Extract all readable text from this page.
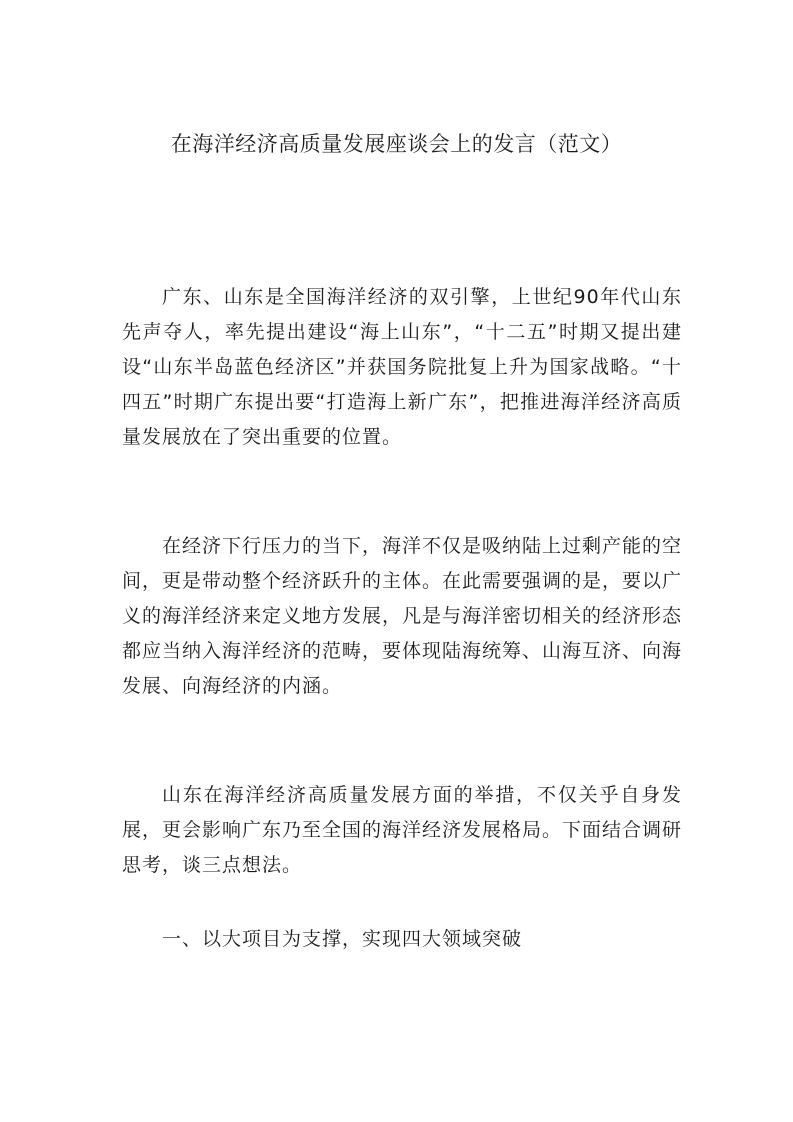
在海洋经济高质量发展座谈会上的发言（范文）

广东、山东是全国海洋经济的双引擎，上世纪90年代山东先声夺人，率先提出建设“海上山东”，“十二五”时期又提出建设“山东半岛蓝色经济区”并获国务院批复上升为国家战略。“十四五”时期广东提出要“打造海上新广东”，把推进海洋经济高质量发展放在了突出重要的位置。

在经济下行压力的当下，海洋不仅是吸纳陆上过剩产能的空间，更是带动整个经济跃升的主体。在此需要强调的是，要以广义的海洋经济来定义地方发展，凡是与海洋密切相关的经济形态都应当纳入海洋经济的范畴，要体现陆海统筹、山海互济、向海发展、向海经济的内涵。

山东在海洋经济高质量发展方面的举措，不仅关乎自身发展，更会影响广东乃至全国的海洋经济发展格局。下面结合调研思考，谈三点想法。

一、以大项目为支撑，实现四大领域突破
